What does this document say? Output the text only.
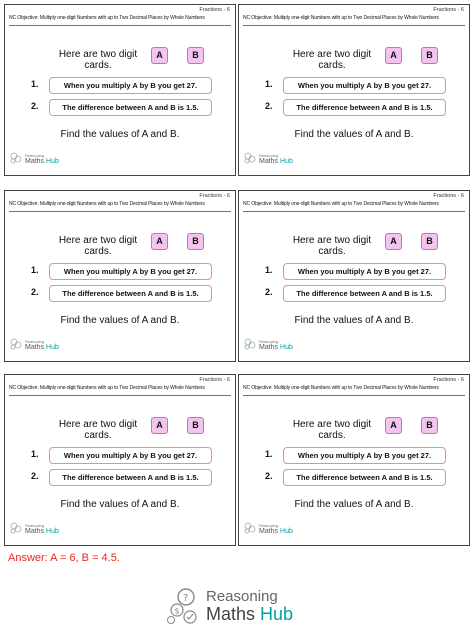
Fractions - 6
NC Objective: Multiply one-digit Numbers with up to Two Decimal Places by Whole Numbers
Here are two digit cards.
A	B
1.	When you multiply A by B you get 27.
2.	The difference between A and B is 1.5.
Find the values of A and B.
Reasoning
Maths Hub
Fractions - 6
NC Objective: Multiply one-digit Numbers with up to Two Decimal Places by Whole Numbers
Here are two digit cards.
A	B
1.	When you multiply A by B you get 27.
2.	The difference between A and B is 1.5.
Find the values of A and B.
Reasoning
Maths Hub
Fractions - 6
NC Objective: Multiply one-digit Numbers with up to Two Decimal Places by Whole Numbers
Here are two digit cards.
A	B
1.	When you multiply A by B you get 27.
2.	The difference between A and B is 1.5.
Find the values of A and B.
Reasoning
Maths Hub
Fractions - 6
NC Objective: Multiply one-digit Numbers with up to Two Decimal Places by Whole Numbers
Here are two digit cards.
A	B
1.	When you multiply A by B you get 27.
2.	The difference between A and B is 1.5.
Find the values of A and B.
Reasoning
Maths Hub
Fractions - 6
NC Objective: Multiply one-digit Numbers with up to Two Decimal Places by Whole Numbers
Here are two digit cards.
A	B
1.	When you multiply A by B you get 27.
2.	The difference between A and B is 1.5.
Find the values of A and B.
Reasoning
Maths Hub
Fractions - 6
NC Objective: Multiply one-digit Numbers with up to Two Decimal Places by Whole Numbers
Here are two digit cards.
A	B
1.	When you multiply A by B you get 27.
2.	The difference between A and B is 1.5.
Find the values of A and B.
Reasoning
Maths Hub
Answer: A = 6, B = 4.5.
?
$
Reasoning
Maths Hub
